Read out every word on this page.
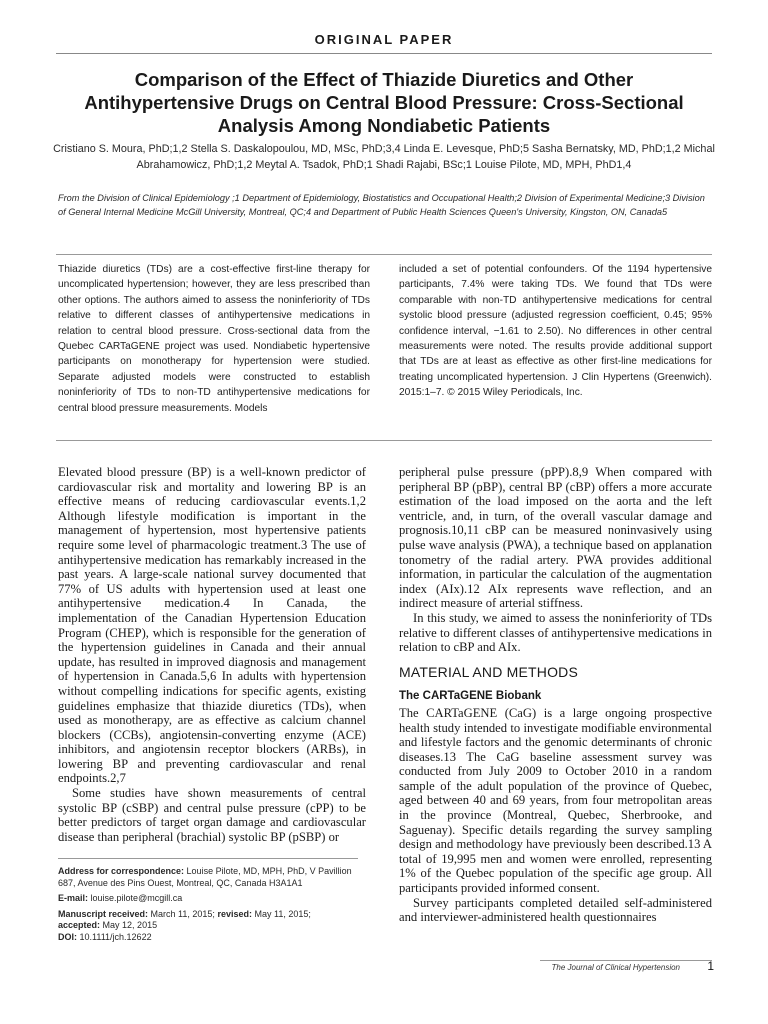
ORIGINAL PAPER
Comparison of the Effect of Thiazide Diuretics and Other Antihypertensive Drugs on Central Blood Pressure: Cross-Sectional Analysis Among Nondiabetic Patients
Cristiano S. Moura, PhD;1,2 Stella S. Daskalopoulou, MD, MSc, PhD;3,4 Linda E. Levesque, PhD;5 Sasha Bernatsky, MD, PhD;1,2 Michal Abrahamowicz, PhD;1,2 Meytal A. Tsadok, PhD;1 Shadi Rajabi, BSc;1 Louise Pilote, MD, MPH, PhD1,4
From the Division of Clinical Epidemiology ;1 Department of Epidemiology, Biostatistics and Occupational Health;2 Division of Experimental Medicine;3 Division of General Internal Medicine McGill University, Montreal, QC;4 and Department of Public Health Sciences Queen's University, Kingston, ON, Canada5

Thiazide diuretics (TDs) are a cost-effective first-line therapy for uncomplicated hypertension; however, they are less prescribed than other options. The authors aimed to assess the noninferiority of TDs relative to different classes of antihypertensive medications in relation to central blood pressure. Cross-sectional data from the Quebec CARTaGENE project was used. Nondiabetic hypertensive participants on monotherapy for hypertension were studied. Separate adjusted models were constructed to establish noninferiority of TDs to non-TD antihypertensive medications for central blood pressure measurements. Models

included a set of potential confounders. Of the 1194 hypertensive participants, 7.4% were taking TDs. We found that TDs were comparable with non-TD antihypertensive medications for central systolic blood pressure (adjusted regression coefficient, 0.45; 95% confidence interval, −1.61 to 2.50). No differences in other central measurements were noted. The results provide additional support that TDs are at least as effective as other first-line medications for treating uncomplicated hypertension. J Clin Hypertens (Greenwich). 2015:1–7. © 2015 Wiley Periodicals, Inc.

Elevated blood pressure (BP) is a well-known predictor of cardiovascular risk and mortality and lowering BP is an effective means of reducing cardiovascular events.1,2 Although lifestyle modification is important in the management of hypertension, most hypertensive patients require some level of pharmacologic treatment.3 The use of antihypertensive medication has remarkably increased in the past years. A large-scale national survey documented that 77% of US adults with hypertension used at least one antihypertensive medication.4 In Canada, the implementation of the Canadian Hypertension Education Program (CHEP), which is responsible for the generation of the hypertension guidelines in Canada and their annual update, has resulted in improved diagnosis and management of hypertension in Canada.5,6 In adults with hypertension without compelling indications for specific agents, existing guidelines emphasize that thiazide diuretics (TDs), when used as monotherapy, are as effective as calcium channel blockers (CCBs), angiotensin-converting enzyme (ACE) inhibitors, and angiotensin receptor blockers (ARBs), in lowering BP and preventing cardiovascular and renal endpoints.2,7

Some studies have shown measurements of central systolic BP (cSBP) and central pulse pressure (cPP) to be better predictors of target organ damage and cardiovascular disease than peripheral (brachial) systolic BP (pSBP) or

peripheral pulse pressure (pPP).8,9 When compared with peripheral BP (pBP), central BP (cBP) offers a more accurate estimation of the load imposed on the aorta and the left ventricle, and, in turn, of the overall vascular damage and prognosis.10,11 cBP can be measured noninvasively using pulse wave analysis (PWA), a technique based on applanation tonometry of the radial artery. PWA provides additional information, in particular the calculation of the augmentation index (AIx).12 AIx represents wave reflection, and an indirect measure of arterial stiffness.

In this study, we aimed to assess the noninferiority of TDs relative to different classes of antihypertensive medications in relation to cBP and AIx.

MATERIAL AND METHODS
The CARTaGENE Biobank

The CARTaGENE (CaG) is a large ongoing prospective health study intended to investigate modifiable environmental and lifestyle factors and the genomic determinants of chronic diseases.13 The CaG baseline assessment survey was conducted from July 2009 to October 2010 in a random sample of the adult population of the province of Quebec, aged between 40 and 69 years, from four metropolitan areas in the province (Montreal, Quebec, Sherbrooke, and Saguenay). Specific details regarding the survey sampling design and methodology have previously been described.13 A total of 19,995 men and women were enrolled, representing 1% of the Quebec population of the specific age group. All participants provided informed consent.

Survey participants completed detailed self-administered and interviewer-administered health questionnaires

Address for correspondence: Louise Pilote, MD, MPH, PhD, V Pavillion 687, Avenue des Pins Ouest, Montreal, QC, Canada H3A1A1

E-mail: louise.pilote@mcgill.ca

Manuscript received: March 11, 2015; revised: May 11, 2015;
accepted: May 12, 2015
DOI: 10.1111/jch.12622

The Journal of Clinical Hypertension	1
